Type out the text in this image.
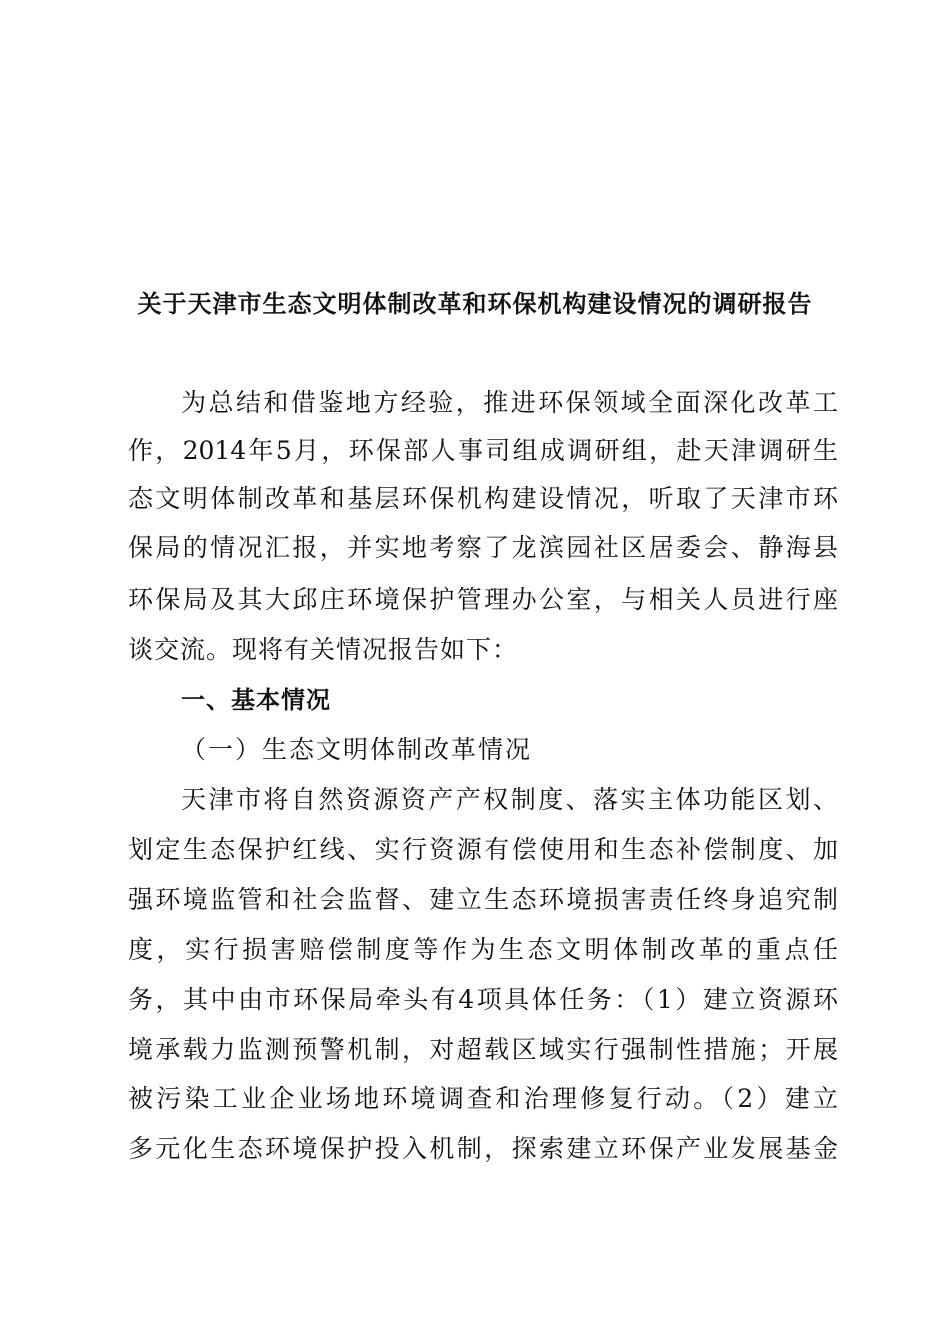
关于天津市生态文明体制改革和环保机构建设情况的调研报告
为总结和借鉴地方经验，推进环保领域全面深化改革工
作，2014年5月，环保部人事司组成调研组，赴天津调研生
态文明体制改革和基层环保机构建设情况，听取了天津市环
保局的情况汇报，并实地考察了龙滨园社区居委会、静海县
环保局及其大邱庄环境保护管理办公室，与相关人员进行座
谈交流。现将有关情况报告如下：
一、基本情况
（一）生态文明体制改革情况
天津市将自然资源资产产权制度、落实主体功能区划、
划定生态保护红线、实行资源有偿使用和生态补偿制度、加
强环境监管和社会监督、建立生态环境损害责任终身追究制
度，实行损害赔偿制度等作为生态文明体制改革的重点任
务，其中由市环保局牵头有4项具体任务：（1）建立资源环
境承载力监测预警机制，对超载区域实行强制性措施；开展
被污染工业企业场地环境调查和治理修复行动。（2）建立
多元化生态环境保护投入机制，探索建立环保产业发展基金
